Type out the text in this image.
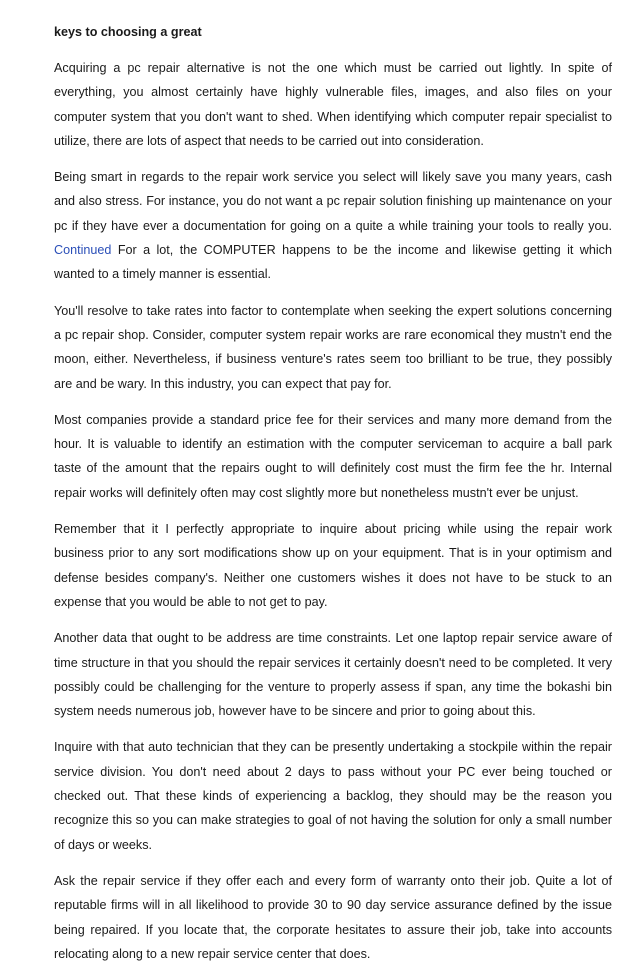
keys to choosing a great

Acquiring a pc repair alternative is not the one which must be carried out lightly. In spite of everything, you almost certainly have highly vulnerable files, images, and also files on your computer system that you don't want to shed. When identifying which computer repair specialist to utilize, there are lots of aspect that needs to be carried out into consideration.

Being smart in regards to the repair work service you select will likely save you many years, cash and also stress. For instance, you do not want a pc repair solution finishing up maintenance on your pc if they have ever a documentation for going on a quite a while training your tools to really you. Continued For a lot, the COMPUTER happens to be the income and likewise getting it which wanted to a timely manner is essential.

You'll resolve to take rates into factor to contemplate when seeking the expert solutions concerning a pc repair shop. Consider, computer system repair works are rare economical they mustn't end the moon, either. Nevertheless, if business venture's rates seem too brilliant to be true, they possibly are and be wary. In this industry, you can expect that pay for.

Most companies provide a standard price fee for their services and many more demand from the hour. It is valuable to identify an estimation with the computer serviceman to acquire a ball park taste of the amount that the repairs ought to will definitely cost must the firm fee the hr. Internal repair works will definitely often may cost slightly more but nonetheless mustn't ever be unjust.

Remember that it I perfectly appropriate to inquire about pricing while using the repair work business prior to any sort modifications show up on your equipment. That is in your optimism and defense besides company's. Neither one customers wishes it does not have to be stuck to an expense that you would be able to not get to pay.

Another data that ought to be address are time constraints. Let one laptop repair service aware of time structure in that you should the repair services it certainly doesn't need to be completed. It very possibly could be challenging for the venture to properly assess if span, any time the bokashi bin system needs numerous job, however have to be sincere and prior to going about this.

Inquire with that auto technician that they can be presently undertaking a stockpile within the repair service division. You don't need about 2 days to pass without your PC ever being touched or checked out. That these kinds of experiencing a backlog, they should may be the reason you recognize this so you can make strategies to goal of not having the solution for only a small number of days or weeks.

Ask the repair service if they offer each and every form of warranty onto their job. Quite a lot of reputable firms will in all likelihood to provide 30 to 90 day service assurance defined by the issue being repaired. If you locate that, the corporate hesitates to assure their job, take into accounts relocating along to a new repair service center that does.
